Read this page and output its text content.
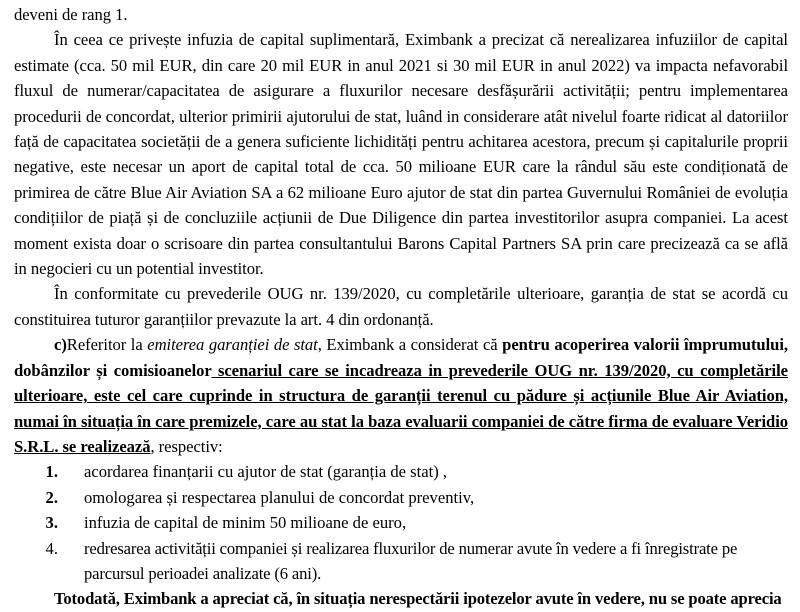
deveni de rang 1.

În ceea ce privește infuzia de capital suplimentară, Eximbank a precizat că nerealizarea infuziilor de capital estimate (cca. 50 mil EUR, din care 20 mil EUR in anul 2021 si 30 mil EUR in anul 2022) va impacta nefavorabil fluxul de numerar/capacitatea de asigurare a fluxurilor necesare desfășurării activității; pentru implementarea procedurii de concordat, ulterior primirii ajutorului de stat, luând in considerare atât nivelul foarte ridicat al datoriilor față de capacitatea societății de a genera suficiente lichidități pentru achitarea acestora, precum și capitalurile proprii negative, este necesar un aport de capital total de cca. 50 milioane EUR care la rândul său este condiționată de primirea de către Blue Air Aviation SA a 62 milioane Euro ajutor de stat din partea Guvernului României de evoluția condițiilor de piață și de concluziile acțiunii de Due Diligence din partea investitorilor asupra companiei. La acest moment exista doar o scrisoare din partea consultantului Barons Capital Partners SA prin care precizează ca se află in negocieri cu un potential investitor.

În conformitate cu prevederile OUG nr. 139/2020, cu completările ulterioare, garanția de stat se acordă cu constituirea tuturor garanțiilor prevazute la art. 4 din ordonanță.

c)Referitor la emiterea garanției de stat, Eximbank a considerat că pentru acoperirea valorii împrumutului, dobânzilor și comisioanelor scenariul care se incadreaza in prevederile OUG nr. 139/2020, cu completările ulterioare, este cel care cuprinde in structura de garanții terenul cu pădure și acțiunile Blue Air Aviation, numai în situația în care premizele, care au stat la baza evaluarii companiei de către firma de evaluare Veridio S.R.L. se realizează, respectiv:

1.	acordarea finanțarii cu ajutor de stat (garanția de stat) ,
2.	omologarea și respectarea planului de concordat preventiv,
3.	infuzia de capital de minim 50 milioane de euro,
4.	redresarea activității companiei și realizarea fluxurilor de numerar avute în vedere a fi înregistrate pe parcursul perioadei analizate (6 ani).

Totodată, Eximbank a apreciat că, în situația nerespectării ipotezelor avute în vedere, nu se poate aprecia
